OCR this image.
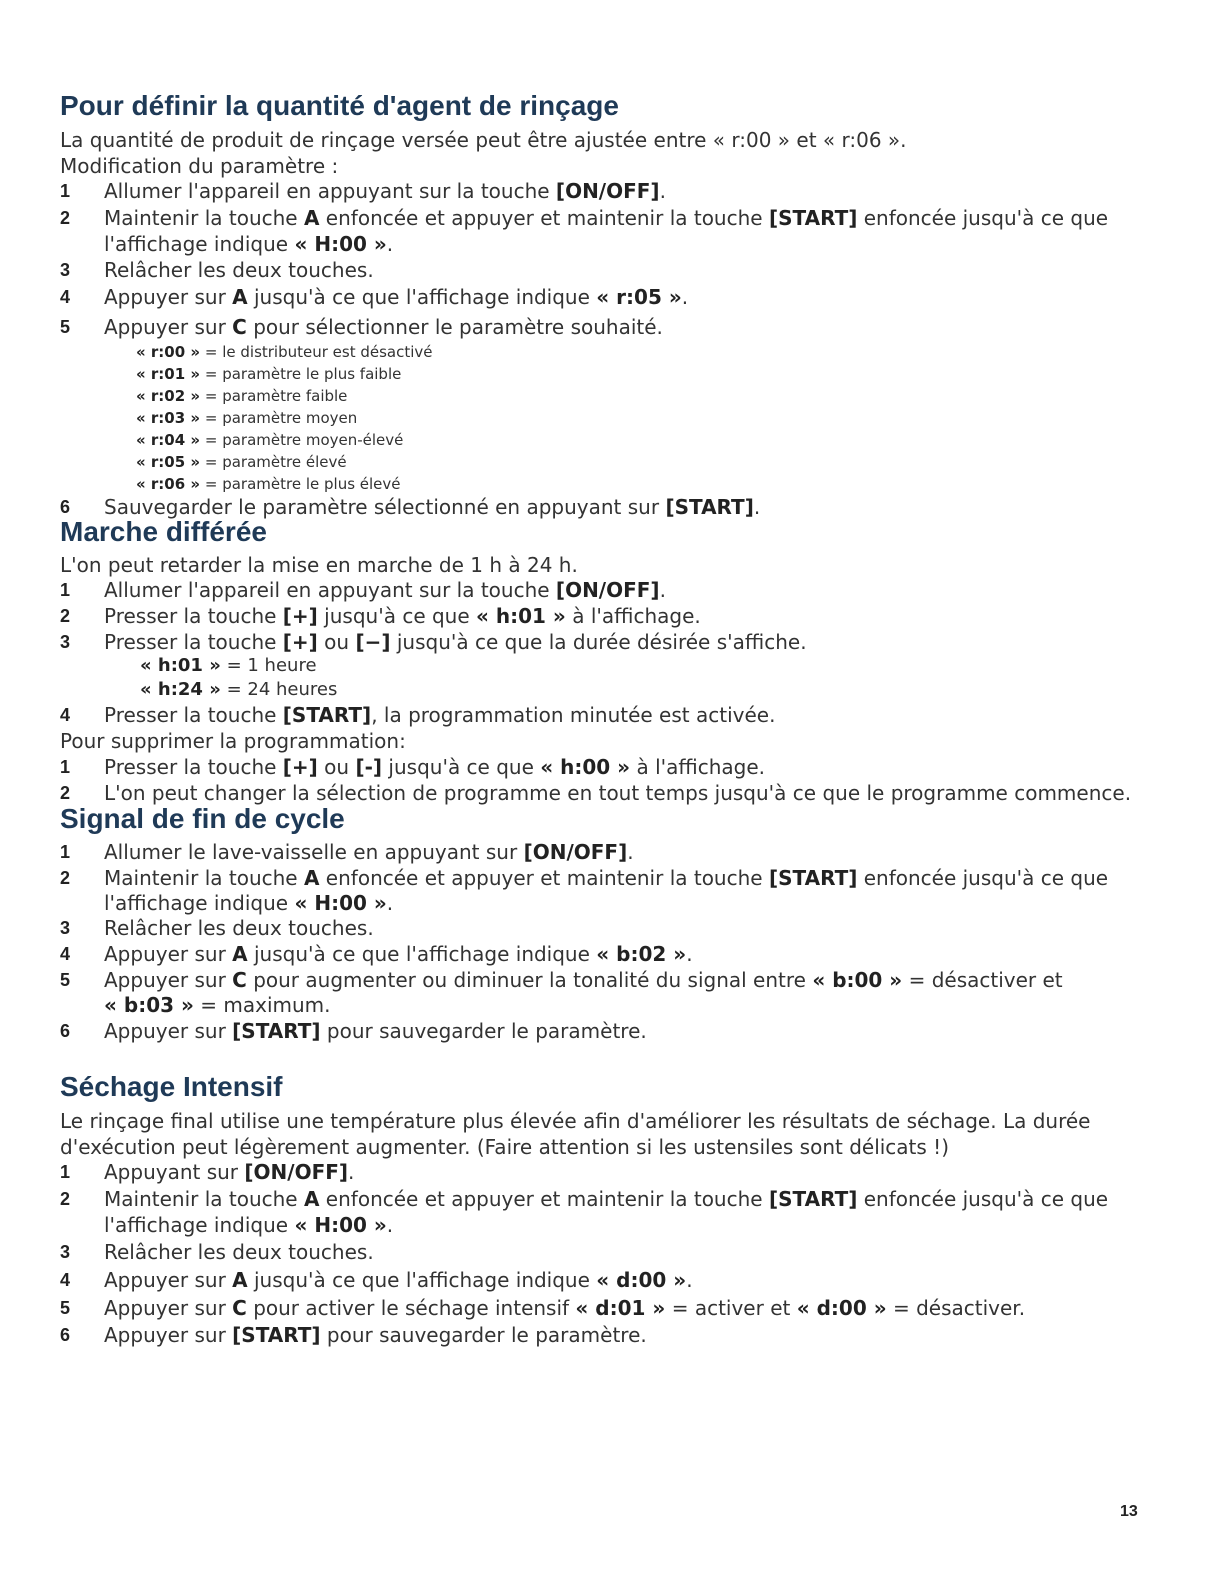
Pour définir la quantité d'agent de rinçage
La quantité de produit de rinçage versée peut être ajustée entre « r:00 » et « r:06 ».
Modification du paramètre :
1	Allumer l'appareil en appuyant sur la touche [ON/OFF].
2	Maintenir la touche A enfoncée et appuyer et maintenir la touche [START] enfoncée jusqu'à ce que
l'affichage indique « H:00 ».
3	Relâcher les deux touches.
4	Appuyer sur A jusqu'à ce que l'affichage indique « r:05 ».
5	Appuyer sur C pour sélectionner le paramètre souhaité.
« r:00 » = le distributeur est désactivé
« r:01 » = paramètre le plus faible
« r:02 » = paramètre faible
« r:03 » = paramètre moyen
« r:04 » = paramètre moyen-élevé
« r:05 » = paramètre élevé
« r:06 » = paramètre le plus élevé
6	Sauvegarder le paramètre sélectionné en appuyant sur [START].
Marche différée
L'on peut retarder la mise en marche de 1 h à 24 h.
1	Allumer l'appareil en appuyant sur la touche [ON/OFF].
2	Presser la touche [+] jusqu'à ce que « h:01 » à l'affichage.
3	Presser la touche [+] ou [−] jusqu'à ce que la durée désirée s'affiche.
« h:01 » = 1 heure
« h:24 » = 24 heures
4	Presser la touche [START], la programmation minutée est activée.
Pour supprimer la programmation:
1	Presser la touche [+] ou [-] jusqu'à ce que « h:00 » à l'affichage.
2	L'on peut changer la sélection de programme en tout temps jusqu'à ce que le programme commence.
Signal de fin de cycle
1	Allumer le lave-vaisselle en appuyant sur [ON/OFF].
2	Maintenir la touche A enfoncée et appuyer et maintenir la touche [START] enfoncée jusqu'à ce que
l'affichage indique « H:00 ».
3	Relâcher les deux touches.
4	Appuyer sur A jusqu'à ce que l'affichage indique « b:02 ».
5	Appuyer sur C pour augmenter ou diminuer la tonalité du signal entre « b:00 » = désactiver et
« b:03 » = maximum.
6	Appuyer sur [START] pour sauvegarder le paramètre.
Séchage Intensif
Le rinçage final utilise une température plus élevée afin d'améliorer les résultats de séchage. La durée
d'exécution peut légèrement augmenter. (Faire attention si les ustensiles sont délicats !)
1	Appuyant sur [ON/OFF].
2	Maintenir la touche A enfoncée et appuyer et maintenir la touche [START] enfoncée jusqu'à ce que
l'affichage indique « H:00 ».
3	Relâcher les deux touches.
4	Appuyer sur A jusqu'à ce que l'affichage indique « d:00 ».
5	Appuyer sur C pour activer le séchage intensif « d:01 » = activer et « d:00 » = désactiver.
6	Appuyer sur [START] pour sauvegarder le paramètre.
13
